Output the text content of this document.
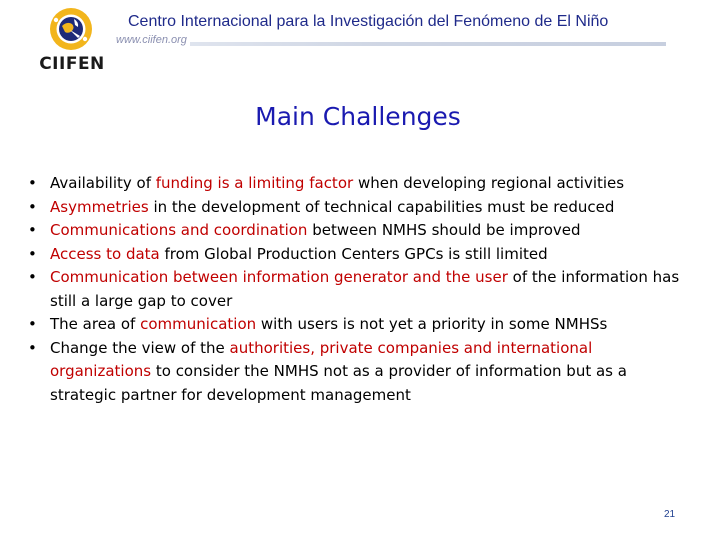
CIIFEN
Centro Internacional para la Investigación del Fenómeno de El Niño
www.ciifen.org
Main Challenges
• Availability of funding is a limiting factor when developing regional activities
• Asymmetries in the development of technical capabilities must be reduced
• Communications and coordination between NMHS should be improved
• Access to data from Global Production Centers GPCs is still limited
• Communication between information generator and the user of the information has still a large gap to cover
• The area of communication with users is not yet a priority in some NMHSs
• Change the view of the authorities, private companies and international organizations to consider the NMHS not as a provider of information but as a strategic partner for development management
21
